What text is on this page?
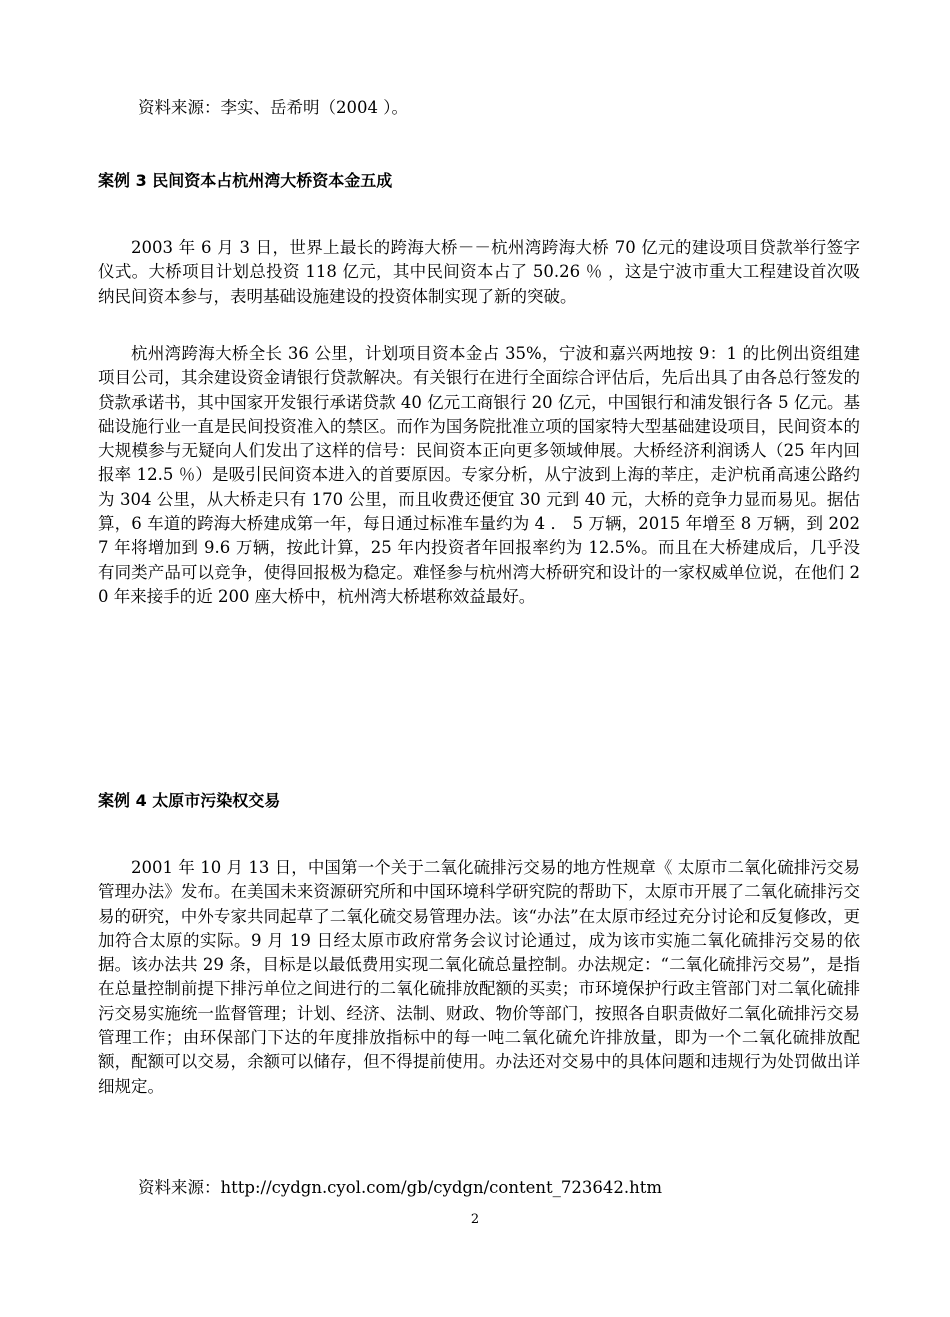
资料来源：李实、岳希明（2004 ）。
案例 3 民间资本占杭州湾大桥资本金五成

2003 年 6 月 3 日，世界上最长的跨海大桥－－杭州湾跨海大桥 70 亿元的建设项目贷款举行签字仪式。大桥项目计划总投资 118 亿元，其中民间资本占了 50.26 ％ ，这是宁波市重大工程建设首次吸纳民间资本参与，表明基础设施建设的投资体制实现了新的突破。

杭州湾跨海大桥全长 36 公里，计划项目资本金占 35%，宁波和嘉兴两地按 9：1 的比例出资组建项目公司，其余建设资金请银行贷款解决。有关银行在进行全面综合评估后，先后出具了由各总行签发的贷款承诺书，其中国家开发银行承诺贷款 40 亿元工商银行 20 亿元，中国银行和浦发银行各 5 亿元。基础设施行业一直是民间投资准入的禁区。而作为国务院批准立项的国家特大型基础建设项目，民间资本的大规模参与无疑向人们发出了这样的信号：民间资本正向更多领域伸展。大桥经济利润诱人（25 年内回报率 12.5 ％）是吸引民间资本进入的首要原因。专家分析，从宁波到上海的莘庄，走沪杭甬高速公路约为 304 公里，从大桥走只有 170 公里，而且收费还便宜 30 元到 40 元，大桥的竞争力显而易见。据估算，6 车道的跨海大桥建成第一年，每日通过标准车量约为 4 ． 5 万辆，2015 年增至 8 万辆，到 2027 年将增加到 9.6 万辆，按此计算，25 年内投资者年回报率约为 12.5%。而且在大桥建成后，几乎没有同类产品可以竞争，使得回报极为稳定。难怪参与杭州湾大桥研究和设计的一家权威单位说，在他们 20 年来接手的近 200 座大桥中，杭州湾大桥堪称效益最好。

案例 4 太原市污染权交易

2001 年 10 月 13 日，中国第一个关于二氧化硫排污交易的地方性规章《 太原市二氧化硫排污交易管理办法》发布。在美国未来资源研究所和中国环境科学研究院的帮助下，太原市开展了二氧化硫排污交易的研究，中外专家共同起草了二氧化硫交易管理办法。该“办法”在太原市经过充分讨论和反复修改，更加符合太原的实际。9 月 19 日经太原市政府常务会议讨论通过，成为该市实施二氧化硫排污交易的依据。该办法共 29 条，目标是以最低费用实现二氧化硫总量控制。办法规定：“二氧化硫排污交易”，是指在总量控制前提下排污单位之间进行的二氧化硫排放配额的买卖；市环境保护行政主管部门对二氧化硫排污交易实施统一监督管理；计划、经济、法制、财政、物价等部门，按照各自职责做好二氧化硫排污交易管理工作；由环保部门下达的年度排放指标中的每一吨二氧化硫允许排放量，即为一个二氧化硫排放配额，配额可以交易，余额可以储存，但不得提前使用。办法还对交易中的具体问题和违规行为处罚做出详细规定。

资料来源：http://cydgn.cyol.com/gb/cydgn/content_723642.htm
2
